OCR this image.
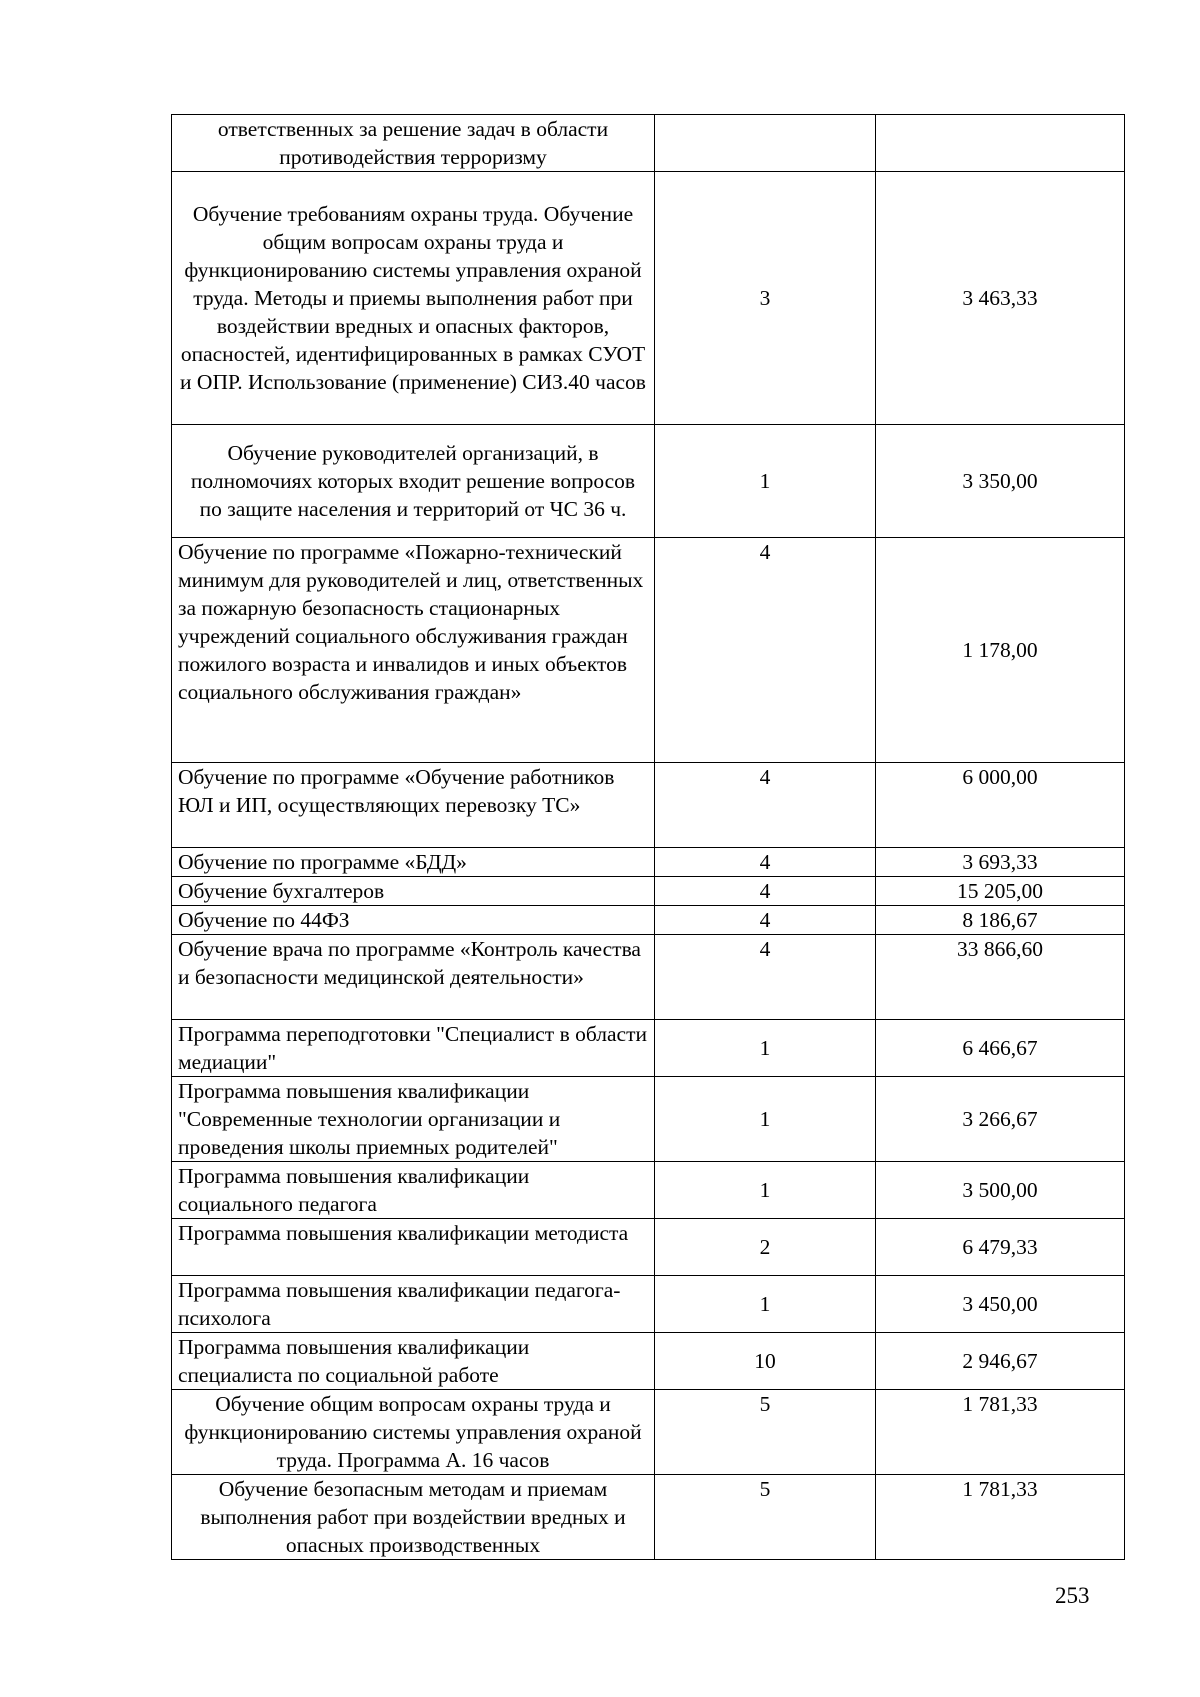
ответственных за решение задач в области противодействия терроризму		
Обучение требованиям охраны труда. Обучение общим вопросам охраны труда и функционированию системы управления охраной труда. Методы и приемы выполнения работ при воздействии вредных и опасных факторов, опасностей, идентифицированных в рамках СУОТ и ОПР. Использование (применение) СИЗ.40 часов	3	3 463,33
Обучение руководителей организаций, в полномочиях которых входит решение вопросов по защите населения и территорий от ЧС 36 ч.	1	3 350,00
Обучение по программе «Пожарно-технический минимум для руководителей и лиц, ответственных за пожарную безопасность стационарных учреждений социального обслуживания граждан пожилого возраста и инвалидов и иных объектов социального обслуживания граждан»	4	1 178,00
Обучение по программе «Обучение работников ЮЛ и ИП, осуществляющих перевозку ТС»	4	6 000,00
Обучение по программе «БДД»	4	3 693,33
Обучение бухгалтеров	4	15 205,00
Обучение по 44ФЗ	4	8 186,67
Обучение врача по программе «Контроль качества и безопасности медицинской деятельности»	4	33 866,60
Программа переподготовки "Специалист в области медиации"	1	6 466,67
Программа повышения квалификации "Современные технологии организации и проведения школы приемных родителей"	1	3 266,67
Программа повышения квалификации социального педагога	1	3 500,00
Программа повышения квалификации методиста	2	6 479,33
Программа повышения квалификации педагога-психолога	1	3 450,00
Программа повышения квалификации специалиста по социальной работе	10	2 946,67
Обучение общим вопросам охраны труда и функционированию системы управления охраной труда. Программа А. 16 часов	5	1 781,33
Обучение безопасным методам и приемам выполнения работ при воздействии вредных и опасных производственных	5	1 781,33
253
